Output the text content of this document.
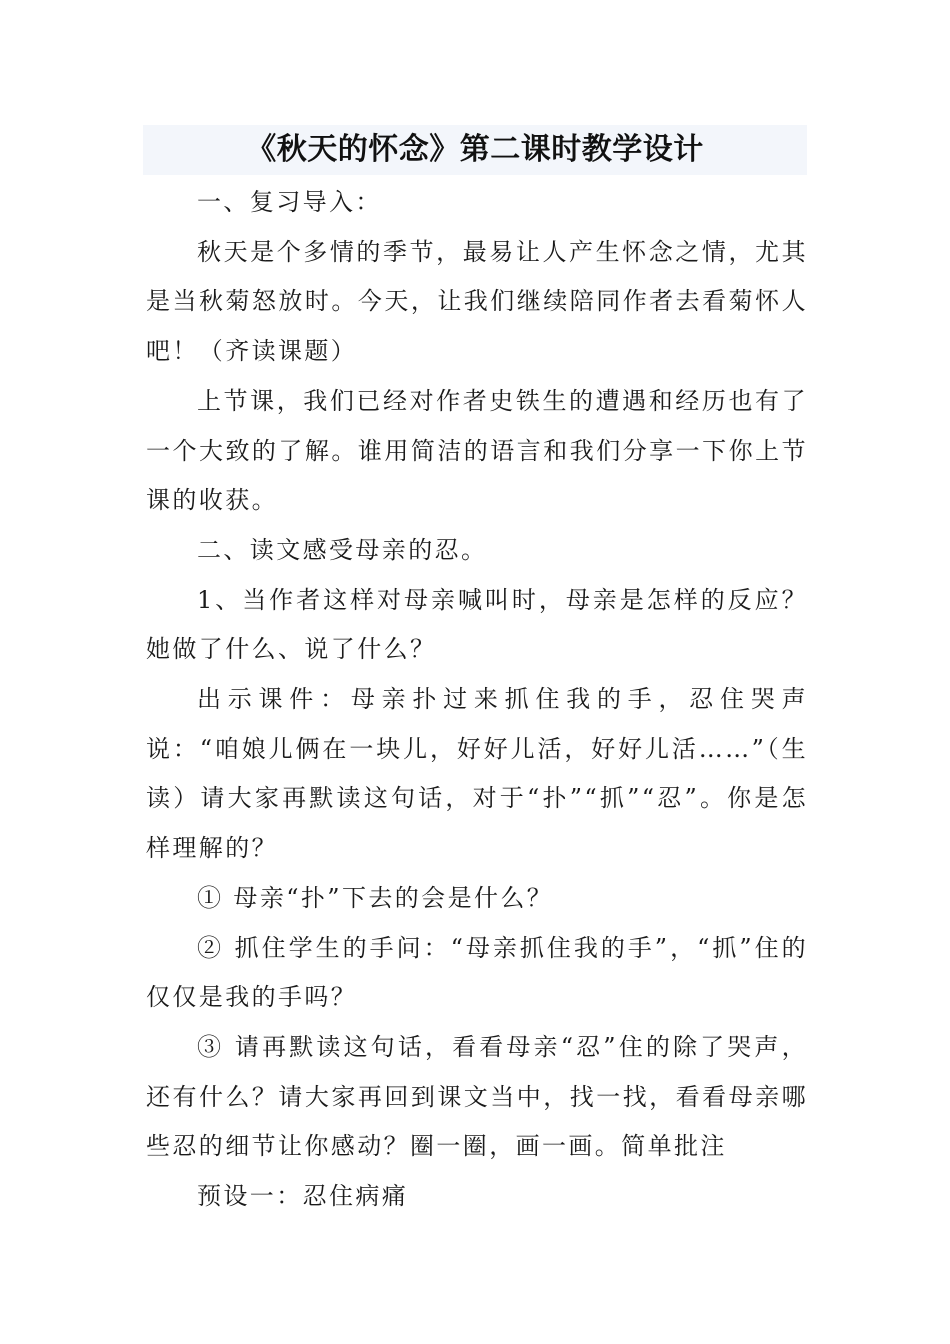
《秋天的怀念》第二课时教学设计

一、复习导入：

秋天是个多情的季节，最易让人产生怀念之情，尤其是当秋菊怒放时。今天，让我们继续陪同作者去看菊怀人吧！（齐读课题）

上节课，我们已经对作者史铁生的遭遇和经历也有了一个大致的了解。谁用简洁的语言和我们分享一下你上节课的收获。

二、读文感受母亲的忍。

1、当作者这样对母亲喊叫时，母亲是怎样的反应？她做了什么、说了什么？

出示课件：母亲扑过来抓住我的手，忍住哭声说：“咱娘儿俩在一块儿，好好儿活，好好儿活……”（生读）请大家再默读这句话，对于“扑”“抓”“忍”。你是怎样理解的？

① 母亲“扑”下去的会是什么？

② 抓住学生的手问：“母亲抓住我的手”，“抓”住的仅仅是我的手吗？

③ 请再默读这句话，看看母亲“忍”住的除了哭声，还有什么？请大家再回到课文当中，找一找，看看母亲哪些忍的细节让你感动？圈一圈，画一画。简单批注

预设一：忍住病痛
